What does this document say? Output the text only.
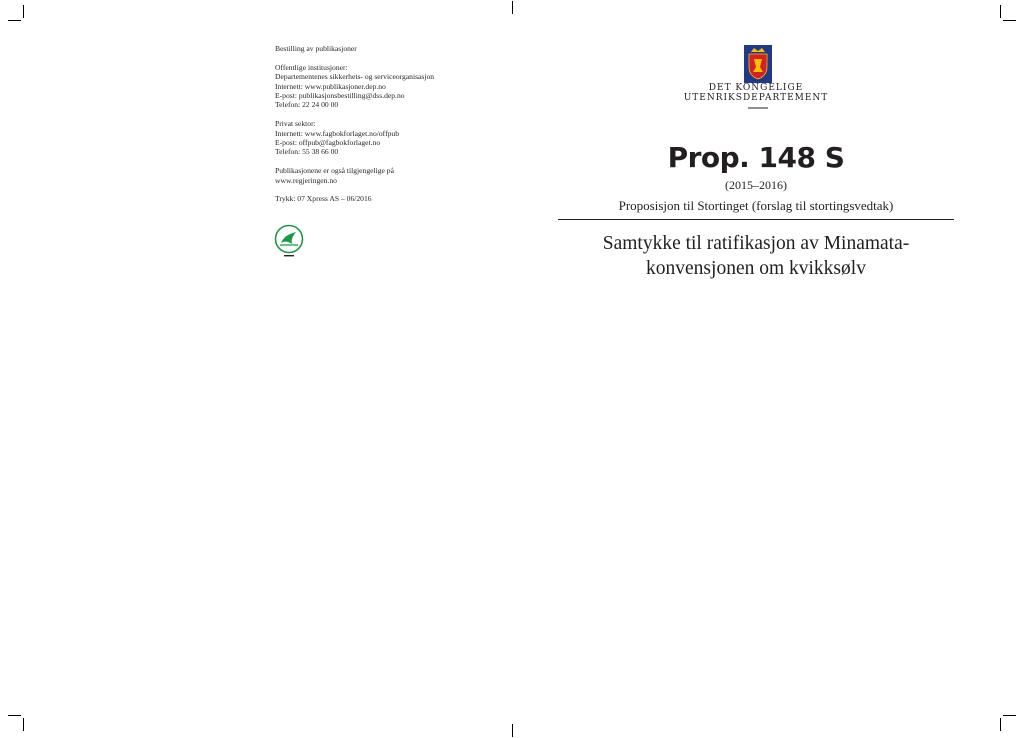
Bestilling av publikasjoner
Offentlige institusjoner:
Departementenes sikkerhets- og serviceorganisasjon
Internett: www.publikasjoner.dep.no
E-post: publikasjonsbestilling@dss.dep.no
Telefon: 22 24 00 00
Privat sektor:
Internett: www.fagbokforlaget.no/offpub
E-post: offpub@fagbokforlaget.no
Telefon: 55 38 66 00
Publikasjonene er også tilgjengelige på
www.regjeringen.no
Trykk: 07 Xpress AS – 06/2016
DET KONGELIGE
UTENRIKSDEPARTEMENT
Prop. 148 S
(2015–2016)
Proposisjon til Stortinget (forslag til stortingsvedtak)
Samtykke til ratifikasjon av Minamata-
konvensjonen om kvikksølv
